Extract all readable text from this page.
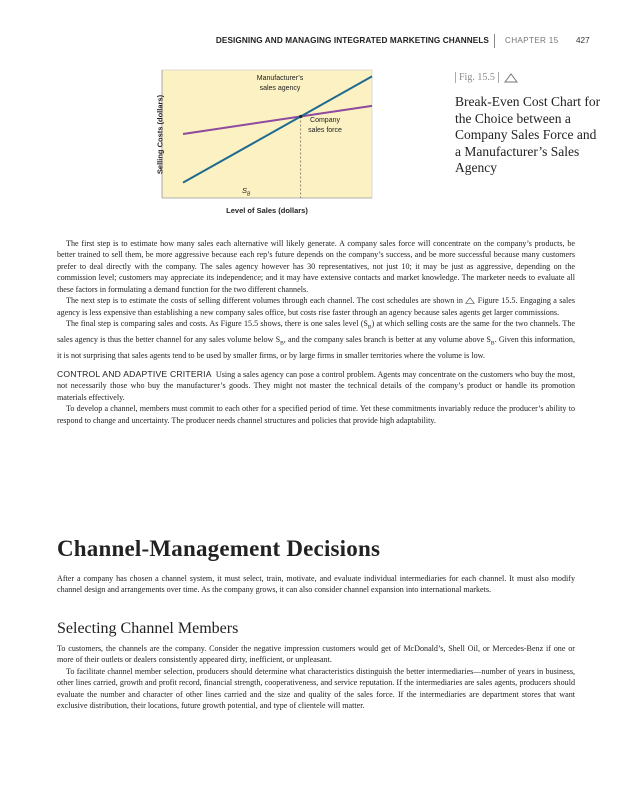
DESIGNING AND MANAGING INTEGRATED MARKETING CHANNELS CHAPTER 15 427
Selling Costs (dollars)
Level of Sales (dollars)
$S_B$
Manufacturer’s
sales agency
Company
sales force
Fig. 15.5
Break-Even Cost Chart for the Choice between a Company Sales Force and a Manufacturer’s Sales Agency

The first step is to estimate how many sales each alternative will likely generate. A company sales force will concentrate on the company’s products, be better trained to sell them, be more aggressive because each rep’s future depends on the company’s success, and be more successful because many customers prefer to deal directly with the company. The sales agency however has 30 representatives, not just 10; it may be just as aggressive, depending on the commission level; customers may appreciate its independence; and it may have extensive contacts and market knowledge. The marketer needs to evaluate all these factors in formulating a demand function for the two different channels.

The next step is to estimate the costs of selling different volumes through each channel. The cost schedules are shown in Figure 15.5. Engaging a sales agency is less expensive than establishing a new company sales office, but costs rise faster through an agency because sales agents get larger commissions.

The final step is comparing sales and costs. As Figure 15.5 shows, there is one sales level $(S_B)$ at which selling costs are the same for the two channels. The sales agency is thus the better channel for any sales volume below $S_B$, and the company sales branch is better at any volume above $S_B$. Given this information, it is not surprising that sales agents tend to be used by smaller firms, or by large firms in smaller territories where the volume is low.

CONTROL AND ADAPTIVE CRITERIA Using a sales agency can pose a control problem. Agents may concentrate on the customers who buy the most, not necessarily those who buy the manufacturer’s goods. They might not master the technical details of the company’s product or handle its promotion materials effectively.

To develop a channel, members must commit to each other for a specified period of time. Yet these commitments invariably reduce the producer’s ability to respond to change and uncertainty. The producer needs channel structures and policies that provide high adaptability.

Channel-Management Decisions

After a company has chosen a channel system, it must select, train, motivate, and evaluate individual intermediaries for each channel. It must also modify channel design and arrangements over time. As the company grows, it can also consider channel expansion into international markets.

Selecting Channel Members

To customers, the channels are the company. Consider the negative impression customers would get of McDonald’s, Shell Oil, or Mercedes-Benz if one or more of their outlets or dealers consistently appeared dirty, inefficient, or unpleasant.

To facilitate channel member selection, producers should determine what characteristics distinguish the better intermediaries—number of years in business, other lines carried, growth and profit record, financial strength, cooperativeness, and service reputation. If the intermediaries are sales agents, producers should evaluate the number and character of other lines carried and the size and quality of the sales force. If the intermediaries are department stores that want exclusive distribution, their locations, future growth potential, and type of clientele will matter.
